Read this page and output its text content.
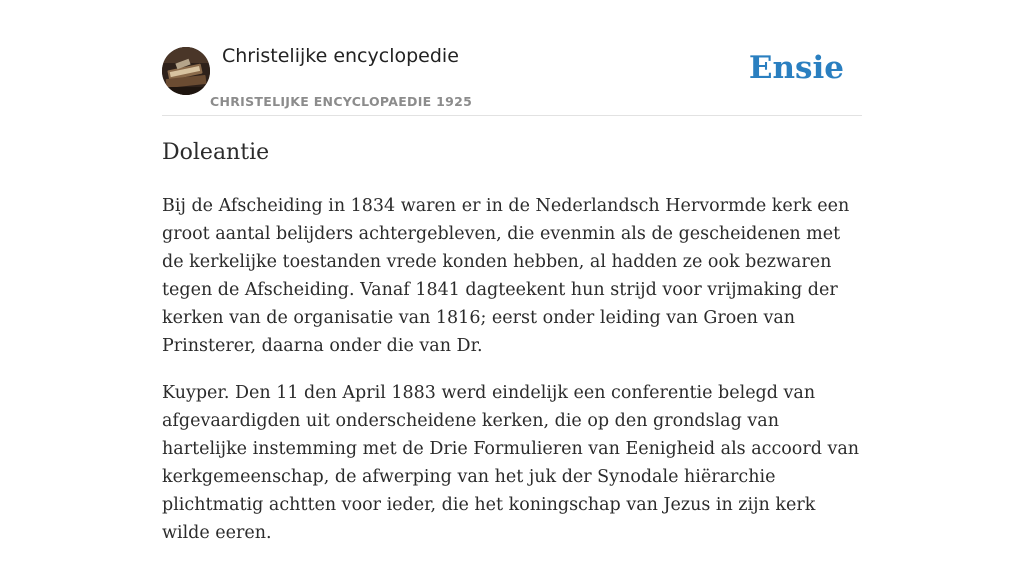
Christelijke encyclopedie
CHRISTELIJKE ENCYCLOPAEDIE 1925
Ensie
Doleantie

Bij de Afscheiding in 1834 waren er in de Nederlandsch Hervormde kerk een groot aantal belijders achtergebleven, die evenmin als de gescheidenen met de kerkelijke toestanden vrede konden hebben, al hadden ze ook bezwaren tegen de Afscheiding. Vanaf 1841 dagteekent hun strijd voor vrijmaking der kerken van de organisatie van 1816; eerst onder leiding van Groen van Prinsterer, daarna onder die van Dr.

Kuyper. Den 11 den April 1883 werd eindelijk een conferentie belegd van afgevaardigden uit onderscheidene kerken, die op den grondslag van hartelijke instemming met de Drie Formulieren van Eenigheid als accoord van kerkgemeenschap, de afwerping van het juk der Synodale hiërarchie plichtmatig achtten voor ieder, die het koningschap van Jezus in zijn kerk wilde eeren.
